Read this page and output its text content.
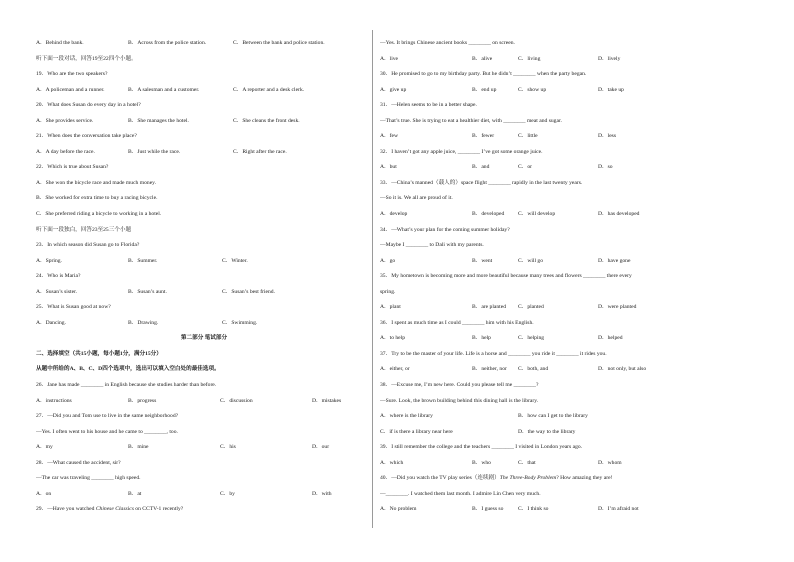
A．Behind the bank.	B．Across from the police station.	C．Between the bank and police station.
听下面一段对话，回答19至22四个小题。
19．Who are the two speakers?
A．A policeman and a runner.	B．A salesman and a customer.	C．A reporter and a desk clerk.
20．What does Susan do every day in a hotel?
A．She provides service.	B．She manages the hotel.	C．She cleans the front desk.
21．When does the conversation take place?
A．A day before the race.	B．Just while the race.	C．Right after the race.
22．Which is true about Susan?
A．She won the bicycle race and made much money.
B．She worked for extra time to buy a racing bicycle.
C．She preferred riding a bicycle to working in a hotel.
听下面一段独白，回答23至25三个小题
23．In which season did Susan go to Florida?
A．Spring.	B．Summer.	C．Winter.
24．Who is Maria?
A．Susan’s sister.	B．Susan’s aunt.	C．Susan’s best friend.
25．What is Susan good at now?
A．Dancing.	B．Drawing.	C．Swimming.
第二部分 笔试部分
二、选择填空（共15小题，每小题1分，满分15分）
从题中所给的A、B、C、D四个选项中，选出可以填入空白处的最佳选项。
26．Jane has made ________ in English because she studies harder than before.
A．instructions	B．progress	C．discussion	D．mistakes
27．—Did you and Tom use to live in the same neighborhood?
—Yes. I often went to his house and he came to ________, too.
A．my	B．mine	C．his	D．our
28．—What caused the accident, sir?
—The car was traveling ________ high speed.
A．on	B．at	C．by	D．with
29．—Have you watched Chinese Classics on CCTV-1 recently?
—Yes. It brings Chinese ancient books ________ on screen.
A．live	B．alive	C．living	D．lively
30．He promised to go to my birthday party. But he didn’t ________ when the party began.
A．give up	B．end up	C．show up	D．take up
31．—Helen seems to be in a better shape.
—That’s true. She is trying to eat a healthier diet, with ________ meat and sugar.
A．few	B．fewer	C．little	D．less
32．I haven’t got any apple juice, ________ I’ve got some orange juice.
A．but	B．and	C．or	D．so
33．—China’s manned（载人的）space flight ________ rapidly in the last twenty years.
—So it is. We all are proud of it.
A．develop	B．developed C．will develop	D．has developed
34．—What’s your plan for the coming summer holiday?
—Maybe I ________ to Dali with my parents.
A．go	B．went	C．will go	D．have gone
35．My hometown is becoming more and more beautiful because many trees and flowers ________ there every
spring.
A．plant	B．are planted C．planted	D．were planted
36．I spent as much time as I could ________ him with his English.
A．to help	B．help	C．helping	D．helped
37．Try to be the master of your life. Life is a horse and ________ you ride it ________ it rides you.
A．either, or	B．neither, nor C．both, and	D．not only, but also
38．—Excuse me, I’m new here. Could you please tell me ________?
—Sure. Look, the brown building behind this dining hall is the library.
A．where is the library	B．how can I get to the library
C．if is there a library near here	D．the way to the library
39．I still remember the college and the teachers ________ I visited in London years ago.
A．which	B．who	C．that	D．whom
40．—Did you watch the TV play series（连续剧）The Three-Body Problem? How amazing they are!
—________. I watched them last month. I admire Lin Chen very much.
A．No problem	B．I guess so	C．I think so	D．I’m afraid not
